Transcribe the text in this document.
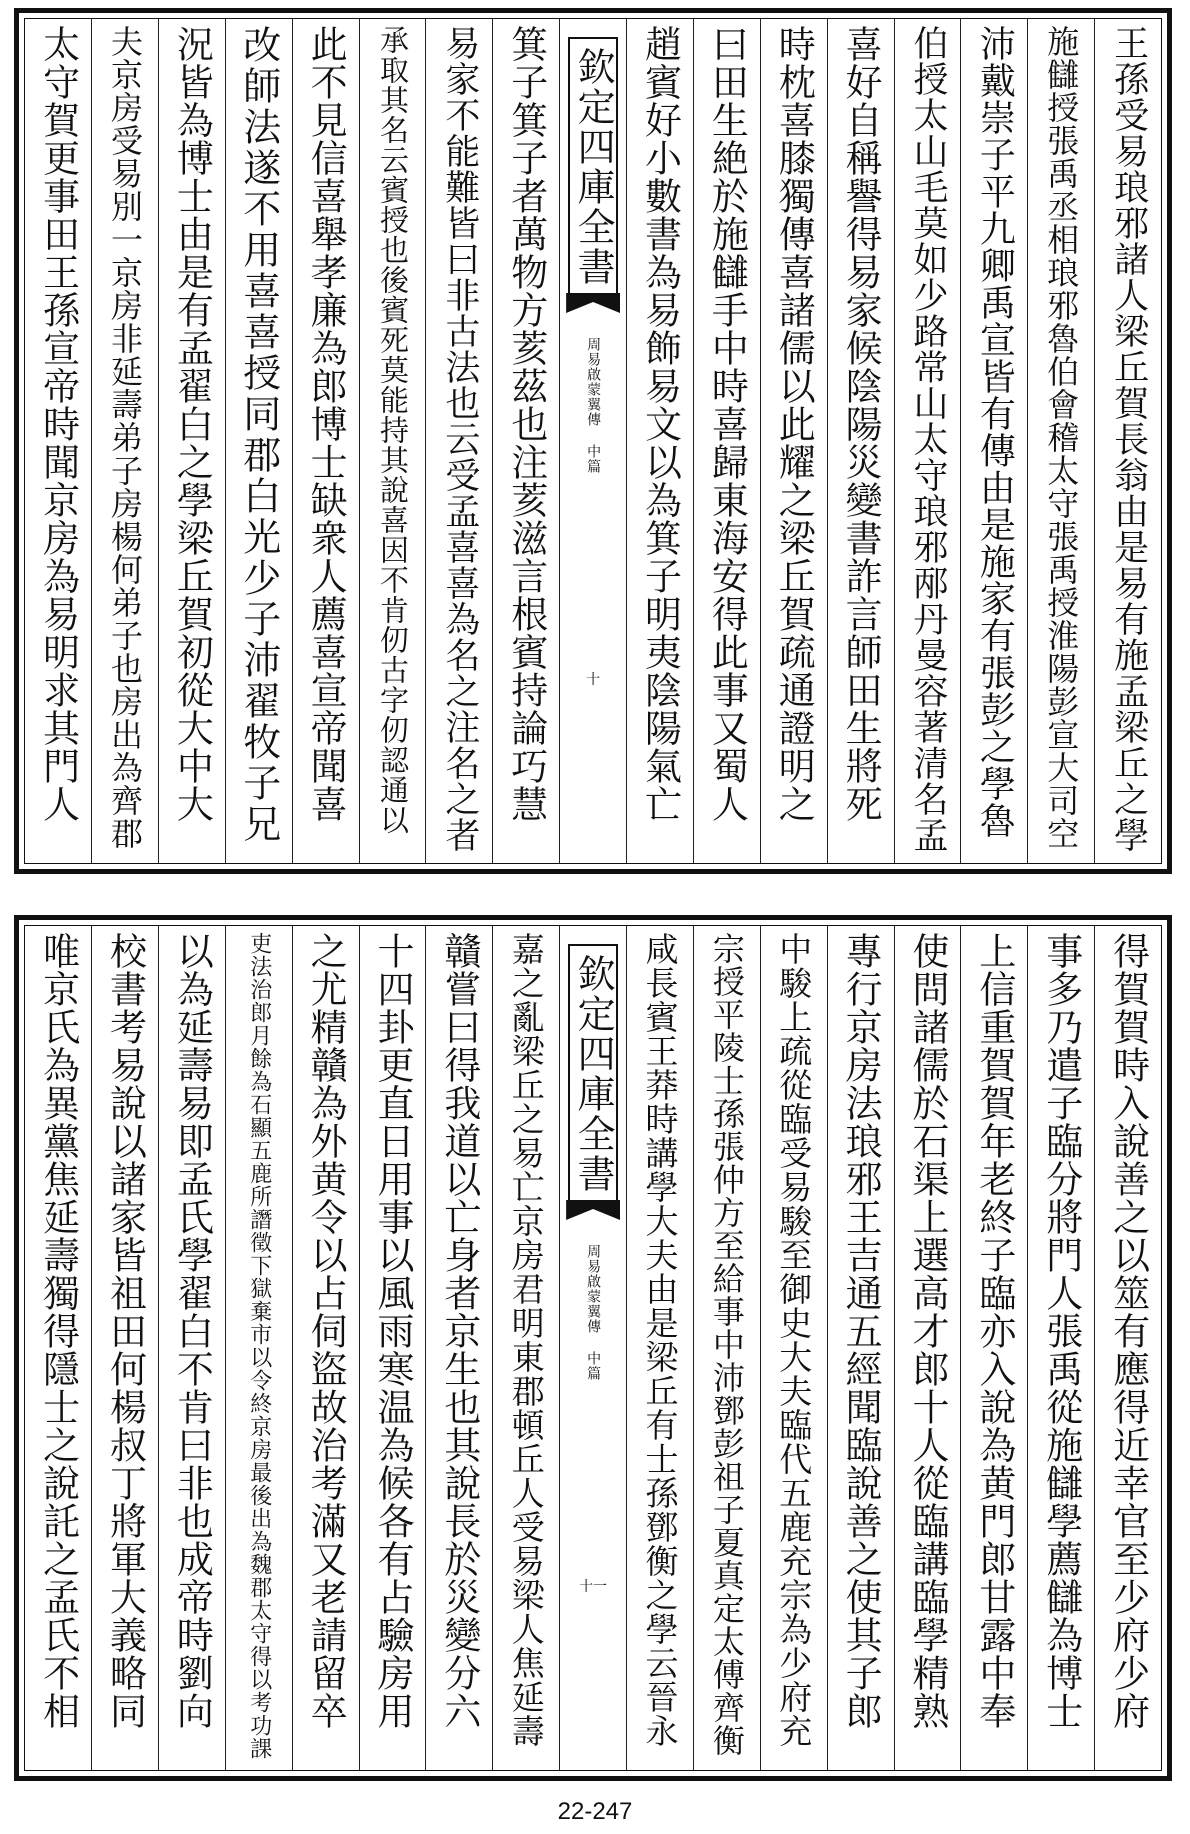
王孫受易琅邪諸人梁丘賀長翁由是易有施孟梁丘之學
施讎授張禹丞相琅邪魯伯會稽太守張禹授淮陽彭宣大司空
沛戴崇子平九卿禹宣皆有傳由是施家有張彭之學魯
伯授太山毛莫如少路常山太守琅邪邴丹曼容著清名孟
喜好自稱譽得易家候陰陽災變書詐言師田生將死
時枕喜膝獨傳喜諸儒以此耀之梁丘賀疏通證明之
曰田生絶於施讎手中時喜歸東海安得此事又蜀人
趙賓好小數書為易飾易文以為箕子明夷陰陽氣亡
欽定四庫全書
周易啟蒙翼傳 中篇
十
箕子箕子者萬物方荄茲也注荄滋言根賓持論巧慧
易家不能難皆曰非古法也云受孟喜喜為名之注名之者
承取其名云賓授也後賓死莫能持其說喜因不肯仞古字仞認通以
此不見信喜舉孝廉為郎博士缺衆人薦喜宣帝聞喜
改師法遂不用喜喜授同郡白光少子沛翟牧子兄
況皆為博士由是有孟翟白之學梁丘賀初從大中大
夫京房受易別一京房非延壽弟子房楊何弟子也房出為齊郡
太守賀更事田王孫宣帝時聞京房為易明求其門人
得賀賀時入說善之以筮有應得近幸官至少府少府
事多乃遣子臨分將門人張禹從施讎學薦讎為博士
上信重賀賀年老終子臨亦入說為黄門郎甘露中奉
使問諸儒於石渠上選高才郎十人從臨講臨學精熟
專行京房法琅邪王吉通五經聞臨說善之使其子郎
中駿上疏從臨受易駿至御史大夫臨代五鹿充宗為少府充
宗授平陵士孫張仲方至給事中沛鄧彭祖子夏真定太傅齊衡
咸長賓王莽時講學大夫由是梁丘有士孫鄧衡之學云晉永
欽定四庫全書
周易啟蒙翼傳 中篇
十一
嘉之亂梁丘之易亡京房君明東郡頓丘人受易梁人焦延壽
贛嘗曰得我道以亡身者京生也其說長於災變分六
十四卦更直日用事以風雨寒温為候各有占驗房用
之尤精贛為外黄令以占伺盜故治考滿又老請留卒
吏法治郎月餘為石顯五鹿所譖徵下獄棄市以令終京房最後出為魏郡太守得以考功課
以為延壽易即孟氏學翟白不肯曰非也成帝時劉向
校書考易說以諸家皆祖田何楊叔丁將軍大義略同
唯京氏為異黨焦延壽獨得隱士之說託之孟氏不相
22-247
